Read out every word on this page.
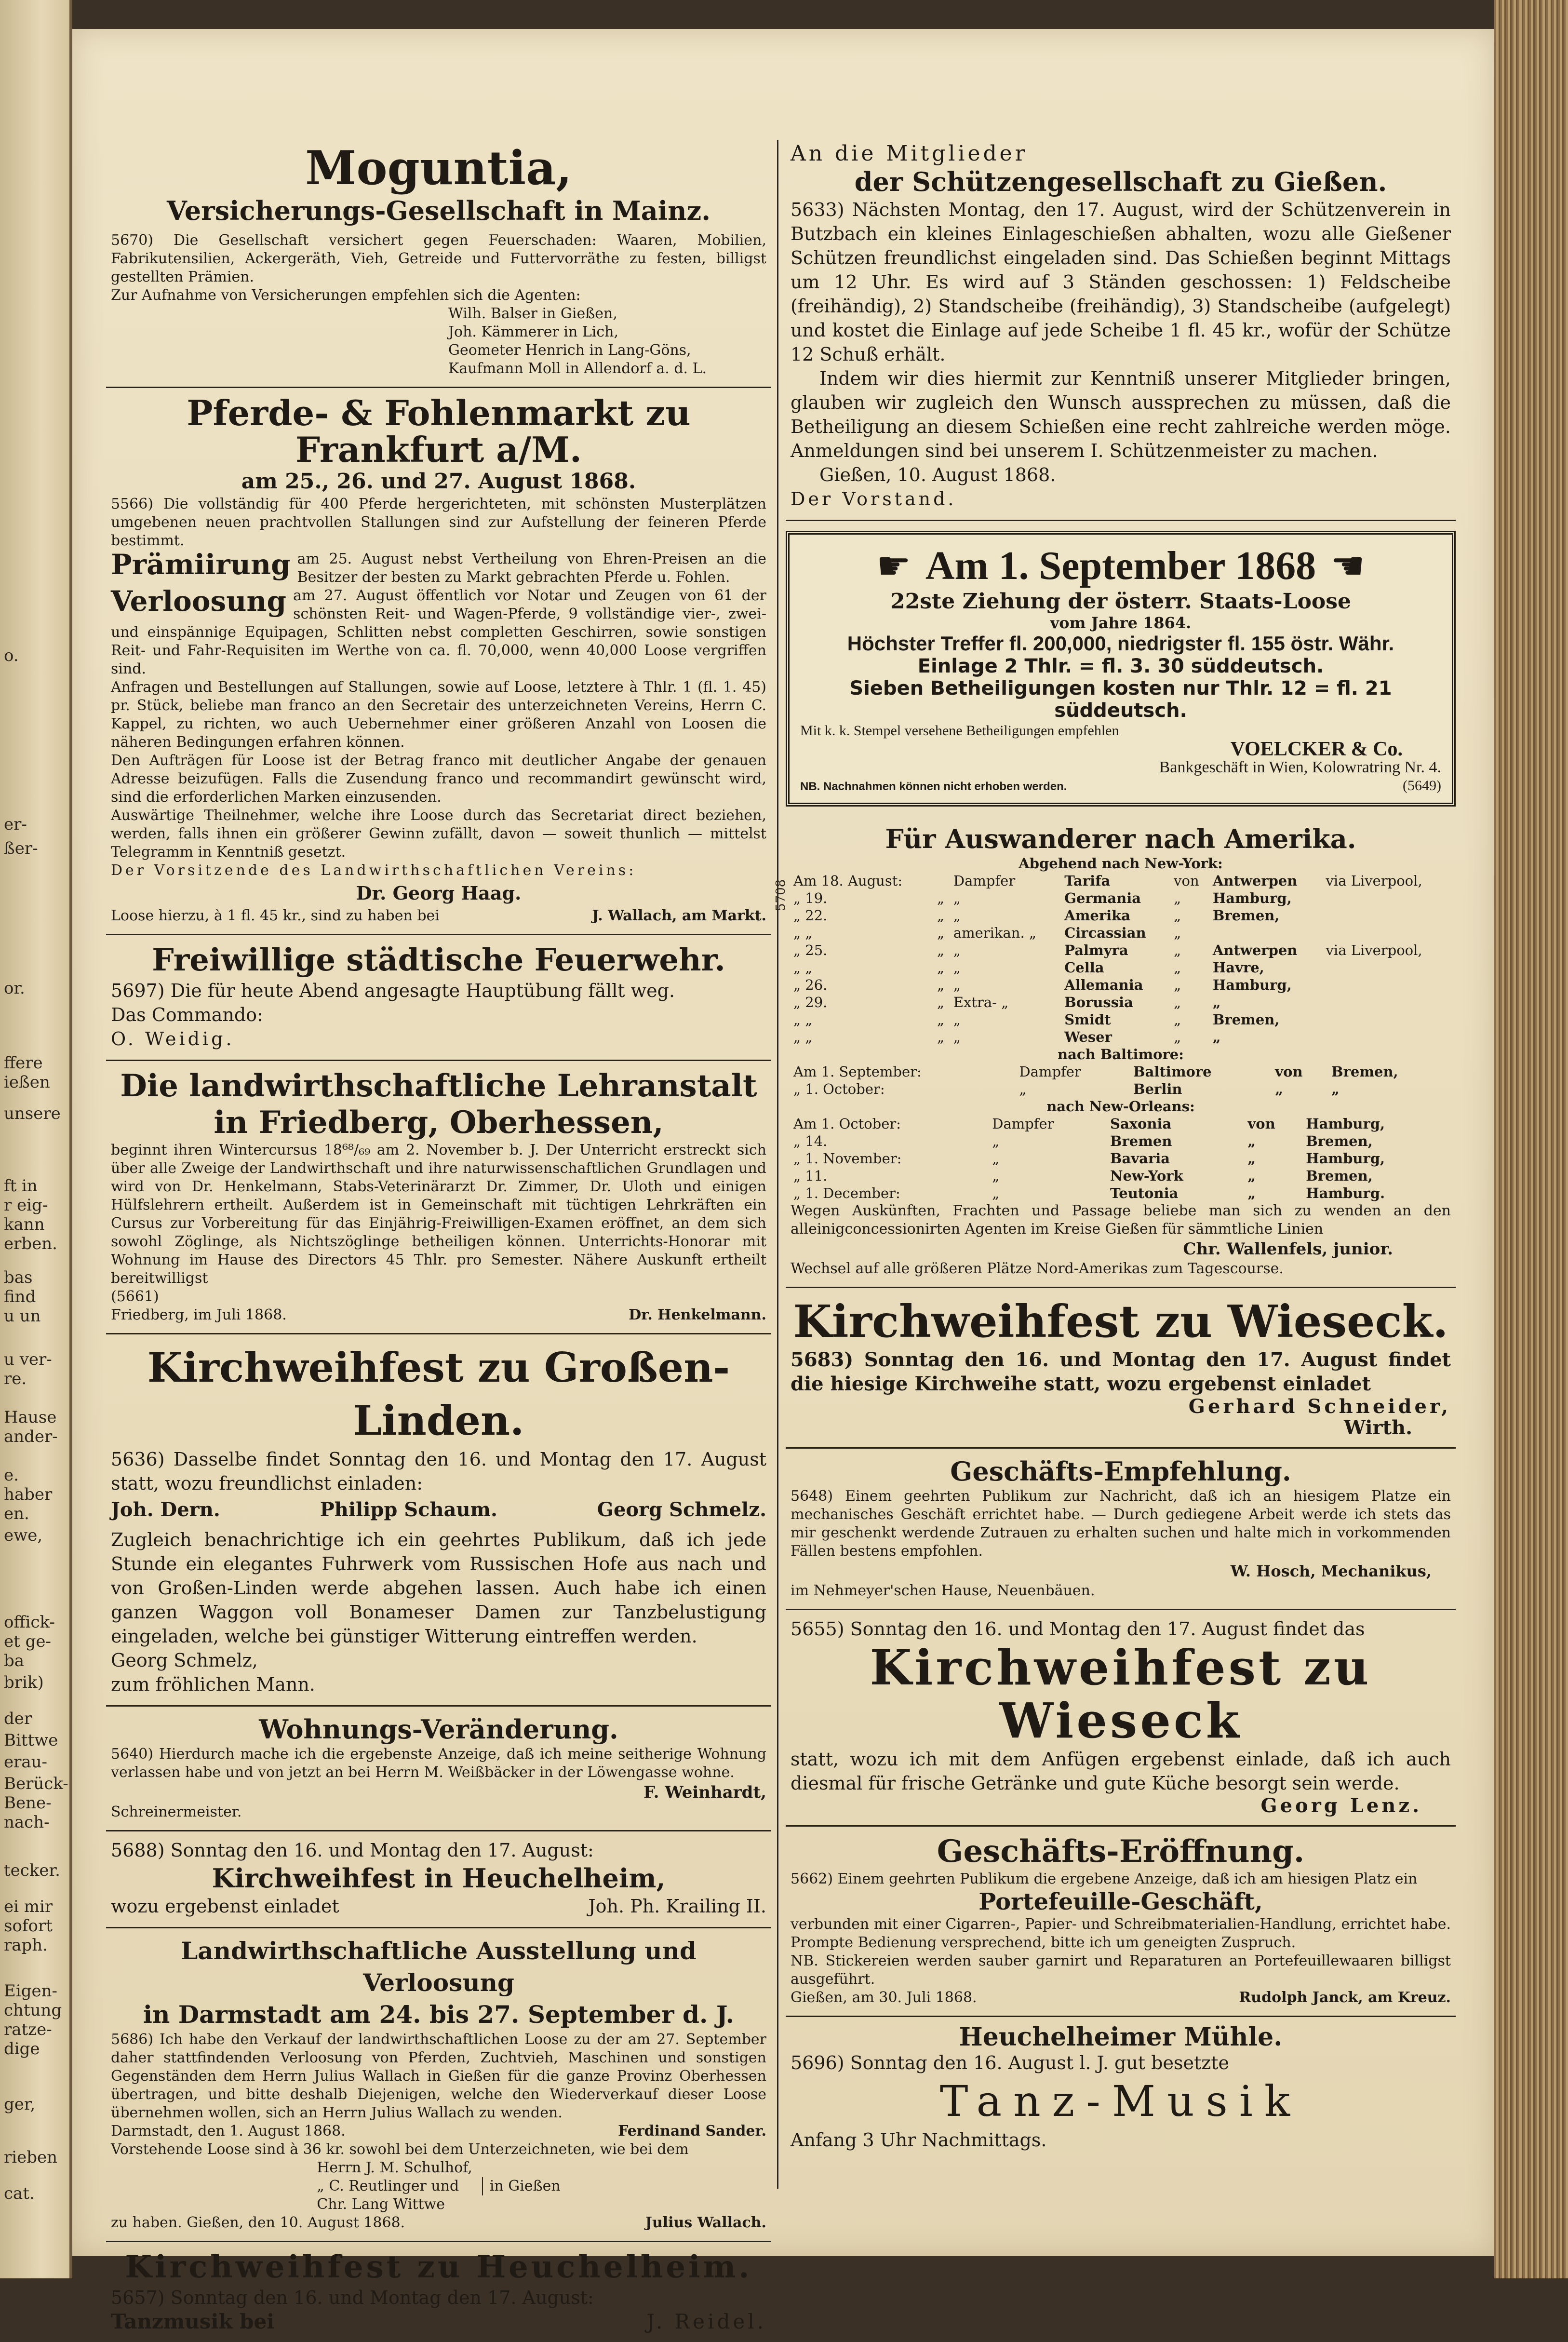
o.
er-
ßer-
or.
ffere
ießen
unsere
ft in
r eig-
kann
erben.
bas
find
u un
u ver-
re.
Hause
ander-
e.
haber
en.
ewe,
offick-
et ge-
ba
brik)
der
Bittwe
erau-
Berück-
Bene-
nach-
tecker.
ei mir
sofort
raph.
Eigen-
chtung
ratze-
dige
ger,
rieben
cat.
5708
Moguntia,
Versicherungs-Gesellschaft in Mainz.
5670) Die Gesellschaft versichert gegen Feuerschaden: Waaren, Mobilien, Fabrikutensilien, Ackergeräth, Vieh, Getreide und Futtervorräthe zu festen, billigst gestellten Prämien.
Zur Aufnahme von Versicherungen empfehlen sich die Agenten:
Wilh. Balser in Gießen,
Joh. Kämmerer in Lich,
Geometer Henrich in Lang-Göns,
Kaufmann Moll in Allendorf a. d. L.
Pferde- & Fohlenmarkt zu Frankfurt a/M.
am 25., 26. und 27. August 1868.
5566) Die vollständig für 400 Pferde hergerichteten, mit schönsten Musterplätzen umgebenen neuen prachtvollen Stallungen sind zur Aufstellung der feineren Pferde bestimmt.
Prämiirung am 25. August nebst Vertheilung von Ehren-Preisen an die Besitzer der besten zu Markt gebrachten Pferde u. Fohlen.
Verloosung am 27. August öffentlich vor Notar und Zeugen von 61 der schönsten Reit- und Wagen-Pferde, 9 vollständige vier-, zwei- und einspännige Equipagen, Schlitten nebst completten Geschirren, sowie sonstigen Reit- und Fahr-Requisiten im Werthe von ca. fl. 70,000, wenn 40,000 Loose vergriffen sind.
Anfragen und Bestellungen auf Stallungen, sowie auf Loose, letztere à Thlr. 1 (fl. 1. 45) pr. Stück, beliebe man franco an den Secretair des unterzeichneten Vereins, Herrn C. Kappel, zu richten, wo auch Uebernehmer einer größeren Anzahl von Loosen die näheren Bedingungen erfahren können.
Den Aufträgen für Loose ist der Betrag franco mit deutlicher Angabe der genauen Adresse beizufügen. Falls die Zusendung franco und recommandirt gewünscht wird, sind die erforderlichen Marken einzusenden.
Auswärtige Theilnehmer, welche ihre Loose durch das Secretariat direct beziehen, werden, falls ihnen ein größerer Gewinn zufällt, davon — soweit thunlich — mittelst Telegramm in Kenntniß gesetzt.
Der Vorsitzende des Landwirthschaftlichen Vereins:
Dr. Georg Haag.
Loose hierzu, à 1 fl. 45 kr., sind zu haben bei	J. Wallach, am Markt.
Freiwillige städtische Feuerwehr.
5697) Die für heute Abend angesagte Hauptübung fällt weg.
Das Commando:
O. Weidig.
Die landwirthschaftliche Lehranstalt
in Friedberg, Oberhessen,
beginnt ihren Wintercursus 18⁶⁸/₆₉ am 2. November b. J. Der Unterricht erstreckt sich über alle Zweige der Landwirthschaft und ihre naturwissenschaftlichen Grundlagen und wird von Dr. Henkelmann, Stabs-Veterinärarzt Dr. Zimmer, Dr. Uloth und einigen Hülfslehrern ertheilt. Außerdem ist in Gemeinschaft mit tüchtigen Lehrkräften ein Cursus zur Vorbereitung für das Einjährig-Freiwilligen-Examen eröffnet, an dem sich sowohl Zöglinge, als Nichtszöglinge betheiligen können. Unterrichts-Honorar mit Wohnung im Hause des Directors 45 Thlr. pro Semester. Nähere Auskunft ertheilt bereitwilligst
(5661)
Friedberg, im Juli 1868.	Dr. Henkelmann.
Kirchweihfest zu Großen-Linden.
5636) Dasselbe findet Sonntag den 16. und Montag den 17. August statt, wozu freundlichst einladen:
Joh. Dern.	Philipp Schaum.	Georg Schmelz.
Zugleich benachrichtige ich ein geehrtes Publikum, daß ich jede Stunde ein elegantes Fuhrwerk vom Russischen Hofe aus nach und von Großen-Linden werde abgehen lassen. Auch habe ich einen ganzen Waggon voll Bonameser Damen zur Tanzbelustigung eingeladen, welche bei günstiger Witterung eintreffen werden.
Georg Schmelz,
zum fröhlichen Mann.
Wohnungs-Veränderung.
5640) Hierdurch mache ich die ergebenste Anzeige, daß ich meine seitherige Wohnung verlassen habe und von jetzt an bei Herrn M. Weißbäcker in der Löwengasse wohne.
F. Weinhardt,
Schreinermeister.
5688) Sonntag den 16. und Montag den 17. August:
Kirchweihfest in Heuchelheim,
wozu ergebenst einladet	Joh. Ph. Krailing II.
Landwirthschaftliche Ausstellung und Verloosung
in Darmstadt am 24. bis 27. September d. J.
5686) Ich habe den Verkauf der landwirthschaftlichen Loose zu der am 27. September daher stattfindenden Verloosung von Pferden, Zuchtvieh, Maschinen und sonstigen Gegenständen dem Herrn Julius Wallach in Gießen für die ganze Provinz Oberhessen übertragen, und bitte deshalb Diejenigen, welche den Wiederverkauf dieser Loose übernehmen wollen, sich an Herrn Julius Wallach zu wenden.
Darmstadt, den 1. August 1868.	Ferdinand Sander.
Vorstehende Loose sind à 36 kr. sowohl bei dem Unterzeichneten, wie bei dem
Herrn J. M. Schulhof,
„ C. Reutlinger und
Chr. Lang Wittwe
in Gießen
zu haben. Gießen, den 10. August 1868.	Julius Wallach.
Kirchweihfest zu Heuchelheim.
5657) Sonntag den 16. und Montag den 17. August:
Tanzmusik bei	J. Reidel.
An die Mitglieder
der Schützengesellschaft zu Gießen.
5633) Nächsten Montag, den 17. August, wird der Schützenverein in Butzbach ein kleines Einlageschießen abhalten, wozu alle Gießener Schützen freundlichst eingeladen sind. Das Schießen beginnt Mittags um 12 Uhr. Es wird auf 3 Ständen geschossen: 1) Feldscheibe (freihändig), 2) Standscheibe (freihändig), 3) Standscheibe (aufgelegt) und kostet die Einlage auf jede Scheibe 1 fl. 45 kr., wofür der Schütze 12 Schuß erhält.
Indem wir dies hiermit zur Kenntniß unserer Mitglieder bringen, glauben wir zugleich den Wunsch aussprechen zu müssen, daß die Betheiligung an diesem Schießen eine recht zahlreiche werden möge. Anmeldungen sind bei unserem I. Schützenmeister zu machen.
Gießen, 10. August 1868.
Der Vorstand.
☛ Am 1. September 1868 ☚
22ste Ziehung der österr. Staats-Loose
vom Jahre 1864.
Höchster Treffer fl. 200,000, niedrigster fl. 155 östr. Währ.
Einlage 2 Thlr. = fl. 3. 30 süddeutsch.
Sieben Betheiligungen kosten nur Thlr. 12 = fl. 21 süddeutsch.
Mit k. k. Stempel versehene Betheiligungen empfehlen
VOELCKER & Co.
Bankgeschäft in Wien, Kolowratring Nr. 4.
NB. Nachnahmen können nicht erhoben werden.	(5649)
Für Auswanderer nach Amerika.
Abgehend nach New-York:
Am 18. August:		Dampfer	Tarifa	von	Antwerpen	via Liverpool,
„ 19.	„	„	Germania	„	Hamburg,	
„ 22.	„	„	Amerika	„	Bremen,	
„ „	„	amerikan. „	Circassian	„		
„ 25.	„	„	Palmyra	„	Antwerpen	via Liverpool,
„ „	„	„	Cella	„	Havre,	
„ 26.	„	„	Allemania	„	Hamburg,	
„ 29.	„	Extra- „	Borussia	„	„	
„ „	„	„	Smidt	„	Bremen,	
„ „	„	„	Weser	„	„	
nach Baltimore:
Am 1. September:	Dampfer	Baltimore	von	Bremen,
„ 1. October:	„	Berlin	„	„
nach New-Orleans:
Am 1. October:	Dampfer	Saxonia	von	Hamburg,
„ 14.	„	Bremen	„	Bremen,
„ 1. November:	„	Bavaria	„	Hamburg,
„ 11.	„	New-York	„	Bremen,
„ 1. December:	„	Teutonia	„	Hamburg.
Wegen Auskünften, Frachten und Passage beliebe man sich zu wenden an den alleinigconcessionirten Agenten im Kreise Gießen für sämmtliche Linien
Chr. Wallenfels, junior.
Wechsel auf alle größeren Plätze Nord-Amerikas zum Tagescourse.
Kirchweihfest zu Wieseck.
5683) Sonntag den 16. und Montag den 17. August findet die hiesige Kirchweihe statt, wozu ergebenst einladet
Gerhard Schneider,
Wirth.
Geschäfts-Empfehlung.
5648) Einem geehrten Publikum zur Nachricht, daß ich an hiesigem Platze ein mechanisches Geschäft errichtet habe. — Durch gediegene Arbeit werde ich stets das mir geschenkt werdende Zutrauen zu erhalten suchen und halte mich in vorkommenden Fällen bestens empfohlen.
W. Hosch, Mechanikus,
im Nehmeyer'schen Hause, Neuenbäuen.
5655) Sonntag den 16. und Montag den 17. August findet das
Kirchweihfest zu Wieseck
statt, wozu ich mit dem Anfügen ergebenst einlade, daß ich auch diesmal für frische Getränke und gute Küche besorgt sein werde.
Georg Lenz.
Geschäfts-Eröffnung.
5662) Einem geehrten Publikum die ergebene Anzeige, daß ich am hiesigen Platz ein
Portefeuille-Geschäft,
verbunden mit einer Cigarren-, Papier- und Schreibmaterialien-Handlung, errichtet habe. Prompte Bedienung versprechend, bitte ich um geneigten Zuspruch.
NB. Stickereien werden sauber garnirt und Reparaturen an Portefeuillewaaren billigst ausgeführt.
Gießen, am 30. Juli 1868.	Rudolph Janck, am Kreuz.
Heuchelheimer Mühle.
5696) Sonntag den 16. August l. J. gut besetzte
Tanz-Musik
Anfang 3 Uhr Nachmittags.
